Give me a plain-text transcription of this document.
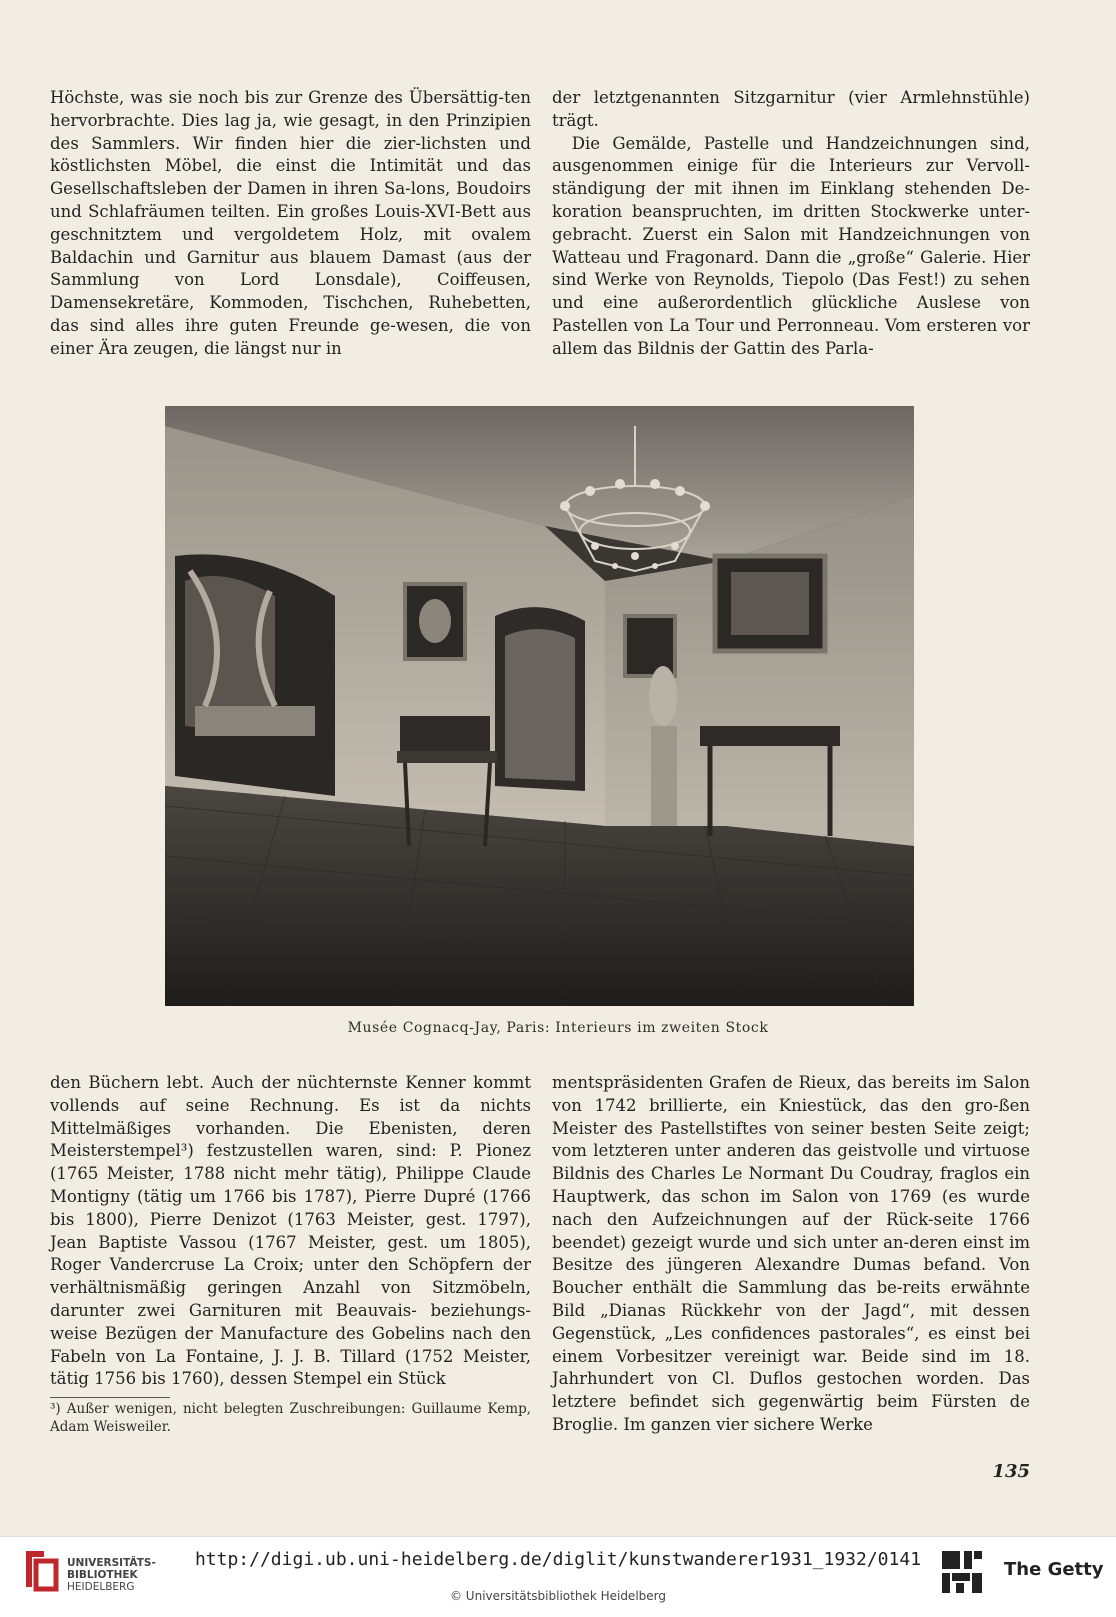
Höchste, was sie noch bis zur Grenze des Übersättig-ten hervorbrachte. Dies lag ja, wie gesagt, in den Prinzipien des Sammlers. Wir finden hier die zier-lichsten und köstlichsten Möbel, die einst die Intimität und das Gesellschaftsleben der Damen in ihren Sa-lons, Boudoirs und Schlafräumen teilten. Ein großes Louis-XVI-Bett aus geschnitztem und vergoldetem Holz, mit ovalem Baldachin und Garnitur aus blauem Damast (aus der Sammlung von Lord Lonsdale), Coiffeusen, Damensekretäre, Kommoden, Tischchen, Ruhebetten, das sind alles ihre guten Freunde ge-wesen, die von einer Ära zeugen, die längst nur in

der letztgenannten Sitzgarnitur (vier Armlehnstühle) trägt.

Die Gemälde, Pastelle und Handzeichnungen sind, ausgenommen einige für die Interieurs zur Vervoll-ständigung der mit ihnen im Einklang stehenden De-koration beanspruchten, im dritten Stockwerke unter-gebracht. Zuerst ein Salon mit Handzeichnungen von Watteau und Fragonard. Dann die „große“ Galerie. Hier sind Werke von Reynolds, Tiepolo (Das Fest!) zu sehen und eine außerordentlich glückliche Auslese von Pastellen von La Tour und Perronneau. Vom ersteren vor allem das Bildnis der Gattin des Parla-

Musée Cognacq-Jay, Paris: Interieurs im zweiten Stock

den Büchern lebt. Auch der nüchternste Kenner kommt vollends auf seine Rechnung. Es ist da nichts Mittelmäßiges vorhanden. Die Ebenisten, deren Meisterstempel³) festzustellen waren, sind: P. Pionez (1765 Meister, 1788 nicht mehr tätig), Philippe Claude Montigny (tätig um 1766 bis 1787), Pierre Dupré (1766 bis 1800), Pierre Denizot (1763 Meister, gest. 1797), Jean Baptiste Vassou (1767 Meister, gest. um 1805), Roger Vandercruse La Croix; unter den Schöpfern der verhältnismäßig geringen Anzahl von Sitzmöbeln, darunter zwei Garnituren mit Beauvais- beziehungs-weise Bezügen der Manufacture des Gobelins nach den Fabeln von La Fontaine, J. J. B. Tillard (1752 Meister, tätig 1756 bis 1760), dessen Stempel ein Stück

mentspräsidenten Grafen de Rieux, das bereits im Salon von 1742 brillierte, ein Kniestück, das den gro-ßen Meister des Pastellstiftes von seiner besten Seite zeigt; vom letzteren unter anderen das geistvolle und virtuose Bildnis des Charles Le Normant Du Coudray, fraglos ein Hauptwerk, das schon im Salon von 1769 (es wurde nach den Aufzeichnungen auf der Rück-seite 1766 beendet) gezeigt wurde und sich unter an-deren einst im Besitze des jüngeren Alexandre Dumas befand. Von Boucher enthält die Sammlung das be-reits erwähnte Bild „Dianas Rückkehr von der Jagd“, mit dessen Gegenstück, „Les confidences pastorales“, es einst bei einem Vorbesitzer vereinigt war. Beide sind im 18. Jahrhundert von Cl. Duflos gestochen worden. Das letztere befindet sich gegenwärtig beim Fürsten de Broglie. Im ganzen vier sichere Werke

³) Außer wenigen, nicht belegten Zuschreibungen: Guillaume Kemp, Adam Weisweiler.
135
UNIVERSITÄTS-
BIBLIOTHEK
HEIDELBERG
http://digi.ub.uni-heidelberg.de/diglit/kunstwanderer1931_1932/0141
© Universitätsbibliothek Heidelberg
The Getty
